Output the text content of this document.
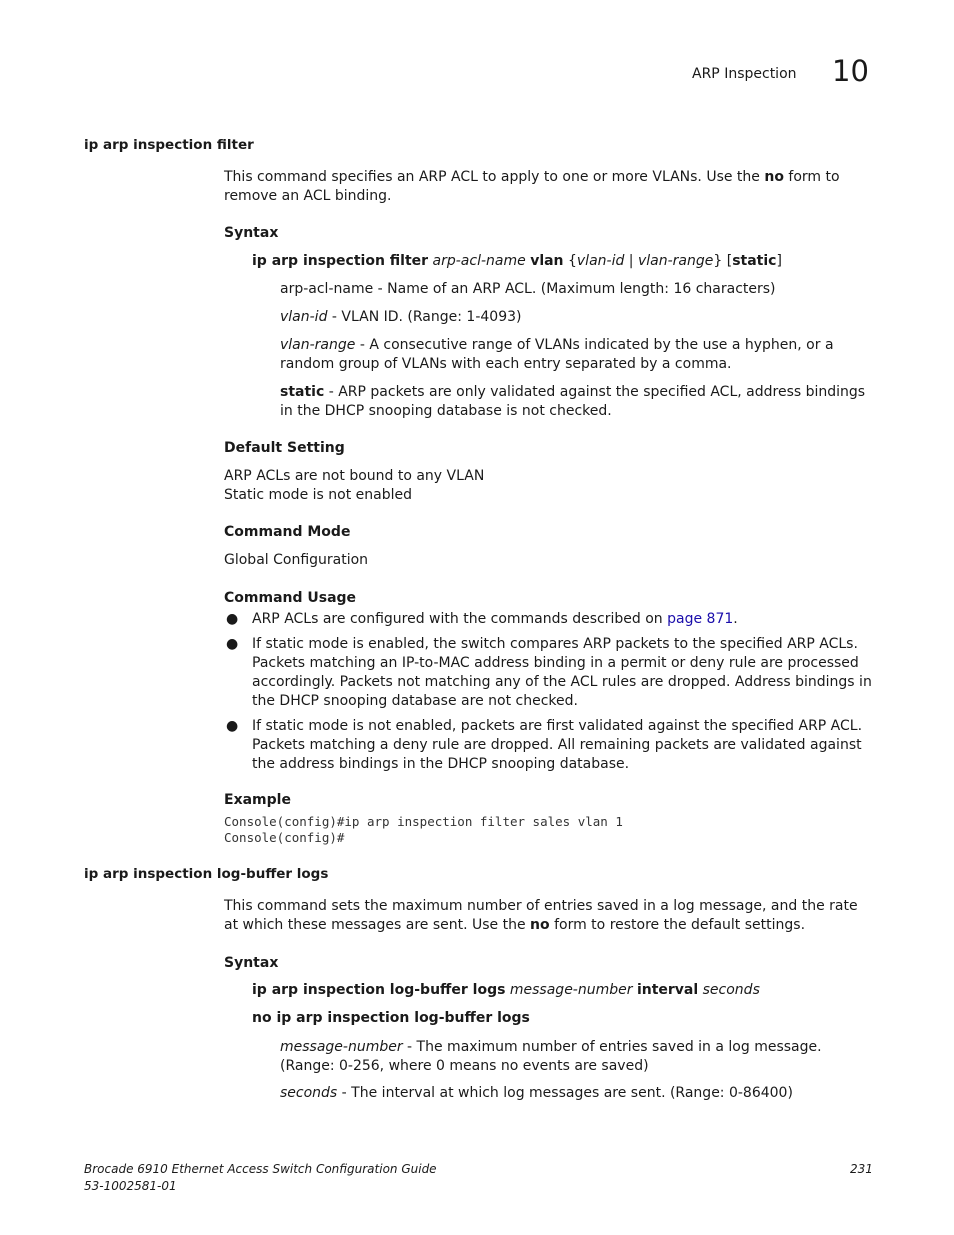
ARP Inspection 10
ip arp inspection filter
This command specifies an ARP ACL to apply to one or more VLANs. Use the no form to remove an ACL binding.
Syntax
ip arp inspection filter arp-acl-name vlan {vlan-id | vlan-range} [static]
arp-acl-name - Name of an ARP ACL. (Maximum length: 16 characters)
vlan-id - VLAN ID. (Range: 1-4093)
vlan-range - A consecutive range of VLANs indicated by the use a hyphen, or a random group of VLANs with each entry separated by a comma.
static - ARP packets are only validated against the specified ACL, address bindings in the DHCP snooping database is not checked.
Default Setting
ARP ACLs are not bound to any VLAN
Static mode is not enabled
Command Mode
Global Configuration
Command Usage
● ARP ACLs are configured with the commands described on page 871.
● If static mode is enabled, the switch compares ARP packets to the specified ARP ACLs. Packets matching an IP-to-MAC address binding in a permit or deny rule are processed accordingly. Packets not matching any of the ACL rules are dropped. Address bindings in the DHCP snooping database are not checked.
● If static mode is not enabled, packets are first validated against the specified ARP ACL. Packets matching a deny rule are dropped. All remaining packets are validated against the address bindings in the DHCP snooping database.
Example
Console(config)#ip arp inspection filter sales vlan 1
Console(config)#
ip arp inspection log-buffer logs
This command sets the maximum number of entries saved in a log message, and the rate at which these messages are sent. Use the no form to restore the default settings.
Syntax
ip arp inspection log-buffer logs message-number interval seconds
no ip arp inspection log-buffer logs
message-number - The maximum number of entries saved in a log message.
(Range: 0-256, where 0 means no events are saved)
seconds - The interval at which log messages are sent. (Range: 0-86400)
Brocade 6910 Ethernet Access Switch Configuration Guide
53-1002581-01
231
